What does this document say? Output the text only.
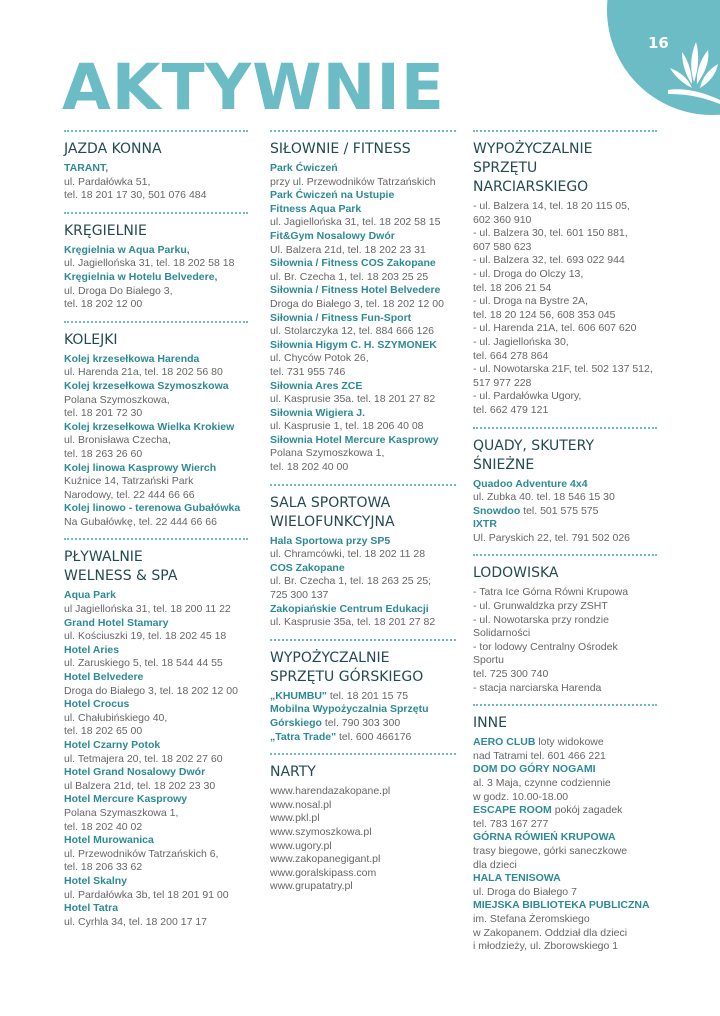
16
AKTYWNIE
JAZDA KONNA
TARANT,
ul. Pardałówka 51,
tel. 18 201 17 30, 501 076 484
KRĘGIELNIE
Kręgielnia w Aqua Parku,
ul. Jagiellońska 31, tel. 18 202 58 18
Kręgielnia w Hotelu Belvedere,
ul. Droga Do Białego 3,
tel. 18 202 12 00
KOLEJKI
Kolej krzesełkowa Harenda
ul. Harenda 21a, tel. 18 202 56 80
Kolej krzesełkowa Szymoszkowa
Polana Szymoszkowa,
tel. 18 201 72 30
Kolej krzesełkowa Wielka Krokiew
ul. Bronisława Czecha,
tel. 18 263 26 60
Kolej linowa Kasprowy Wierch
Kuźnice 14, Tatrzański Park
Narodowy, tel. 22 444 66 66
Kolej linowo - terenowa Gubałówka
Na Gubałówkę, tel. 22 444 66 66
PŁYWALNIE
WELNESS & SPA
Aqua Park
ul Jagiellońska 31, tel. 18 200 11 22
Grand Hotel Stamary
ul. Kościuszki 19, tel. 18 202 45 18
Hotel Aries
ul. Zaruskiego 5, tel. 18 544 44 55
Hotel Belvedere
Droga do Białego 3, tel. 18 202 12 00
Hotel Crocus
ul. Chałubińskiego 40,
tel. 18 202 65 00
Hotel Czarny Potok
ul. Tetmajera 20, tel. 18 202 27 60
Hotel Grand Nosalowy Dwór
ul Balzera 21d, tel. 18 202 23 30
Hotel Mercure Kasprowy
Polana Szymaszkowa 1,
tel. 18 202 40 02
Hotel Murowanica
ul. Przewodników Tatrzańskich 6,
tel. 18 206 33 62
Hotel Skalny
ul. Pardałówka 3b, tel 18 201 91 00
Hotel Tatra
ul. Cyrhla 34, tel. 18 200 17 17
SIŁOWNIE / FITNESS
Park Ćwiczeń
przy ul. Przewodników Tatrzańskich
Park Ćwiczeń na Ustupie
Fitness Aqua Park
ul. Jagiellońska 31, tel. 18 202 58 15
Fit&Gym Nosalowy Dwór
Ul. Balzera 21d, tel. 18 202 23 31
Siłownia / Fitness COS Zakopane
ul. Br. Czecha 1, tel. 18 203 25 25
Siłownia / Fitness Hotel Belvedere
Droga do Białego 3, tel. 18 202 12 00
Siłownia / Fitness Fun-Sport
ul. Stolarczyka 12, tel. 884 666 126
Siłownia Higym C. H. SZYMONEK
ul. Chyców Potok 26,
tel. 731 955 746
Siłownia Ares ZCE
ul. Kasprusie 35a. tel. 18 201 27 82
Siłownia Wigiera J.
ul. Kasprusie 1, tel. 18 206 40 08
Siłownia Hotel Mercure Kasprowy
Polana Szymoszkowa 1,
tel. 18 202 40 00
SALA SPORTOWA
WIELOFUNKCYJNA
Hala Sportowa przy SP5
ul. Chramcówki, tel. 18 202 11 28
COS Zakopane
ul. Br. Czecha 1, tel. 18 263 25 25;
725 300 137
Zakopiańskie Centrum Edukacji
ul. Kasprusie 35a, tel. 18 201 27 82
WYPOŻYCZALNIE
SPRZĘTU GÓRSKIEGO
„KHUMBU" tel. 18 201 15 75
Mobilna Wypożyczalnia Sprzętu Górskiego tel. 790 303 300
„Tatra Trade" tel. 600 466176
NARTY
www.harendazakopane.pl
www.nosal.pl
www.pkl.pl
www.szymoszkowa.pl
www.ugory.pl
www.zakopanegigant.pl
www.goralskipass.com
www.grupatatry.pl
WYPOŻYCZALNIE
SPRZĘTU
NARCIARSKIEGO
- ul. Balzera 14, tel. 18 20 115 05,
602 360 910
- ul. Balzera 30, tel. 601 150 881,
607 580 623
- ul. Balzera 32, tel. 693 022 944
- ul. Droga do Olczy 13,
tel. 18 206 21 54
- ul. Droga na Bystre 2A,
tel. 18 20 124 56, 608 353 045
- ul. Harenda 21A, tel. 606 607 620
- ul. Jagiellońska 30,
tel. 664 278 864
- ul. Nowotarska 21F, tel. 502 137 512,
517 977 228
- ul. Pardałówka Ugory,
tel. 662 479 121
QUADY, SKUTERY
ŚNIEŻNE
Quadoo Adventure 4x4
ul. Zubka 40. tel. 18 546 15 30
Snowdoo tel. 501 575 575
IXTR
Ul. Paryskich 22, tel. 791 502 026
LODOWISKA
- Tatra Ice Górna Równi Krupowa
- ul. Grunwaldzka przy ZSHT
- ul. Nowotarska przy rondzie
Solidarności
- tor lodowy Centralny Ośrodek
Sportu
tel. 725 300 740
- stacja narciarska Harenda
INNE
AERO CLUB loty widokowe
nad Tatrami tel. 601 466 221
DOM DO GÓRY NOGAMI
al. 3 Maja, czynne codziennie
w godz. 10.00-18.00
ESCAPE ROOM pokój zagadek
tel. 783 167 277
GÓRNA RÓWIEŃ KRUPOWA
trasy biegowe, górki saneczkowe
dla dzieci
HALA TENISOWA
ul. Droga do Białego 7
MIEJSKA BIBLIOTEKA PUBLICZNA
im. Stefana Żeromskiego
w Zakopanem. Oddział dla dzieci
i młodzieży, ul. Zborowskiego 1
